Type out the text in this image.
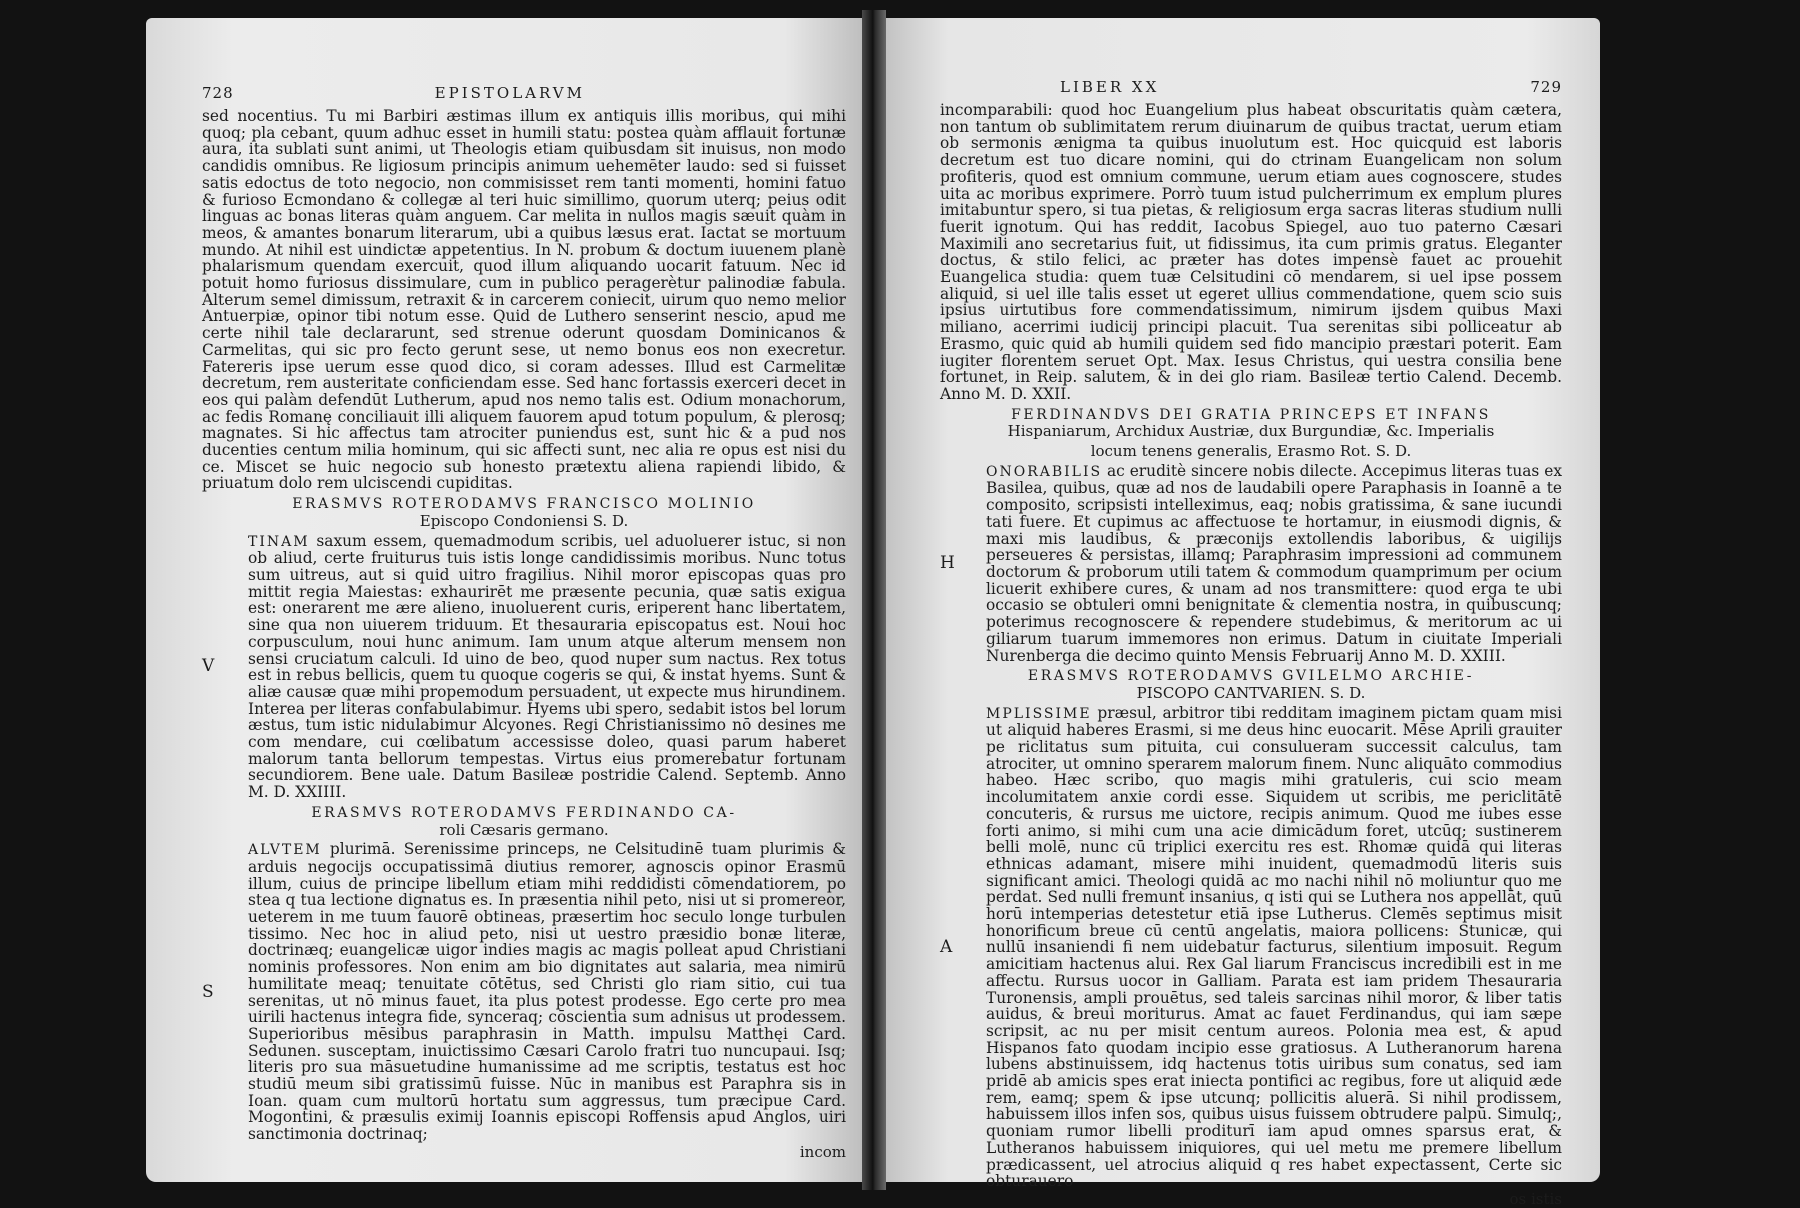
728	EPISTOLARVM

sed nocentius. Tu mi Barbiri æstimas illum ex antiquis illis moribus, qui mihi quoq; pla cebant, quum adhuc esset in humili statu: postea quàm afflauit fortunæ aura, ita sublati sunt animi, ut Theologis etiam quibusdam sit inuisus, non modo candidis omnibus. Re ligiosum principis animum uehemēter laudo: sed si fuisset satis edoctus de toto negocio, non commisisset rem tanti momenti, homini fatuo & furioso Ecmondano & collegæ al teri huic simillimo, quorum uterq; peius odit linguas ac bonas literas quàm anguem. Car melita in nullos magis sæuit quàm in meos, & amantes bonarum literarum, ubi a quibus læsus erat. Iactat se mortuum mundo. At nihil est uindictæ appetentius. In N. probum & doctum iuuenem planè phalarismum quendam exercuit, quod illum aliquando uocarit fatuum. Nec id potuit homo furiosus dissimulare, cum in publico peragerètur palinodiæ fabula. Alterum semel dimissum, retraxit & in carcerem coniecit, uirum quo nemo melior Antuerpiæ, opinor tibi notum esse. Quid de Luthero senserint nescio, apud me certe nihil tale declararunt, sed strenue oderunt quosdam Dominicanos & Carmelitas, qui sic pro fecto gerunt sese, ut nemo bonus eos non execretur. Fatereris ipse uerum esse quod dico, si coram adesses. Illud est Carmelitæ decretum, rem austeritate conficiendam esse. Sed hanc fortassis exerceri decet in eos qui palàm defendūt Lutherum, apud nos nemo talis est. Odium monachorum, ac fedis Romanę conciliauit illi aliquem fauorem apud totum populum, & plerosq; magnates. Si hic affectus tam atrociter puniendus est, sunt hic & a pud nos ducenties centum milia hominum, qui sic affecti sunt, nec alia re opus est nisi du ce. Miscet se huic negocio sub honesto prætextu aliena rapiendi libido, & priuatum dolo rem ulciscendi cupiditas.

ERASMVS ROTERODAMVS FRANCISCO MOLINIO
Episcopo Condoniensi S. D.
V
TINAM saxum essem, quemadmodum scribis, uel aduoluerer istuc, si non ob aliud, certe fruiturus tuis istis longe candidissimis moribus. Nunc totus sum uitreus, aut si quid uitro fragilius. Nihil moror episcopas quas pro mittit regia Maiestas: exhaurirēt me præsente pecunia, quæ satis exigua est: onerarent me ære alieno, inuoluerent curis, eriperent hanc libertatem, sine qua non uiuerem triduum. Et thesauraria episcopatus est. Noui hoc corpusculum, noui hunc animum. Iam unum atque alterum mensem non sensi cruciatum calculi. Id uino de beo, quod nuper sum nactus. Rex totus est in rebus bellicis, quem tu quoque cogeris se qui, & instat hyems. Sunt & aliæ causæ quæ mihi propemodum persuadent, ut expecte mus hirundinem. Interea per literas confabulabimur. Hyems ubi spero, sedabit istos bel lorum æstus, tum istic nidulabimur Alcyones. Regi Christianissimo nō desines me com mendare, cui cœlibatum accessisse doleo, quasi parum haberet malorum tanta bellorum tempestas. Virtus eius promerebatur fortunam secundiorem. Bene uale. Datum Basileæ postridie Calend. Septemb. Anno M. D. XXIIII.
ERASMVS ROTERODAMVS FERDINANDO CA-
roli Cæsaris germano.
S
ALVTEM plurimā. Serenissime princeps, ne Celsitudinē tuam plurimis & arduis negocijs occupatissimā diutius remorer, agnoscis opinor Erasmū illum, cuius de principe libellum etiam mihi reddidisti cōmendatiorem, po stea q tua lectione dignatus es. In præsentia nihil peto, nisi ut si promereor, ueterem in me tuum fauorē obtineas, præsertim hoc seculo longe turbulen tissimo. Nec hoc in aliud peto, nisi ut uestro præsidio bonæ literæ, doctrinæq; euangelicæ uigor indies magis ac magis polleat apud Christiani nominis professores. Non enim am bio dignitates aut salaria, mea nimirū humilitate meaq; tenuitate cōtētus, sed Christi glo riam sitio, cui tua serenitas, ut nō minus fauet, ita plus potest prodesse. Ego certe pro mea uirili hactenus integra fide, synceraq; cōscientia sum adnisus ut prodessem. Superioribus mēsibus paraphrasin in Matth. impulsu Matthęi Card. Sedunen. susceptam, inuictissimo Cæsari Carolo fratri tuo nuncupaui. Isq; literis pro sua māsuetudine humanissime ad me scriptis, testatus est hoc studiū meum sibi gratissimū fuisse. Nūc in manibus est Paraphra sis in Ioan. quam cum multorū hortatu sum aggressus, tum præcipue Card. Mogontini, & præsulis eximij Ioannis episcopi Roffensis apud Anglos, uiri sanctimonia doctrinaq;
incom
LIBER XX	729

incomparabili: quod hoc Euangelium plus habeat obscuritatis quàm cætera, non tantum ob sublimitatem rerum diuinarum de quibus tractat, uerum etiam ob sermonis ænigma ta quibus inuolutum est. Hoc quicquid est laboris decretum est tuo dicare nomini, qui do ctrinam Euangelicam non solum profiteris, quod est omnium commune, uerum etiam aues cognoscere, studes uita ac moribus exprimere. Porrò tuum istud pulcherrimum ex emplum plures imitabuntur spero, si tua pietas, & religiosum erga sacras literas studium nulli fuerit ignotum. Qui has reddit, Iacobus Spiegel, auo tuo paterno Cæsari Maximili ano secretarius fuit, ut fidissimus, ita cum primis gratus. Eleganter doctus, & stilo felici, ac præter has dotes impensè fauet ac prouehit Euangelica studia: quem tuæ Celsitudini cō mendarem, si uel ipse possem aliquid, si uel ille talis esset ut egeret ullius commendatione, quem scio suis ipsius uirtutibus fore commendatissimum, nimirum ijsdem quibus Maxi miliano, acerrimi iudicij principi placuit. Tua serenitas sibi polliceatur ab Erasmo, quic quid ab humili quidem sed fido mancipio præstari poterit. Eam iugiter florentem seruet Opt. Max. Iesus Christus, qui uestra consilia bene fortunet, in Reip. salutem, & in dei glo riam. Basileæ tertio Calend. Decemb. Anno M. D. XXII.

FERDINANDVS DEI GRATIA PRINCEPS ET INFANS
Hispaniarum, Archidux Austriæ, dux Burgundiæ, &c. Imperialis
locum tenens generalis, Erasmo Rot. S. D.
H
ONORABILIS ac eruditè sincere nobis dilecte. Accepimus literas tuas ex Basilea, quibus, quæ ad nos de laudabili opere Paraphasis in Ioannē a te composito, scripsisti intelleximus, eaq; nobis gratissima, & sane iucundi tati fuere. Et cupimus ac affectuose te hortamur, in eiusmodi dignis, & maxi mis laudibus, & præconijs extollendis laboribus, & uigilijs perseueres & persistas, illamq; Paraphrasim impressioni ad communem doctorum & proborum utili tatem & commodum quamprimum per ocium licuerit exhibere cures, & unam ad nos transmittere: quod erga te ubi occasio se obtuleri omni benignitate & clementia nostra, in quibuscunq; poterimus recognoscere & rependere studebimus, & meritorum ac ui giliarum tuarum immemores non erimus. Datum in ciuitate Imperiali Nurenberga die decimo quinto Mensis Februarij Anno M. D. XXIII.
ERASMVS ROTERODAMVS GVILELMO ARCHIE-
PISCOPO CANTVARIEN. S. D.
A
MPLISSIME præsul, arbitror tibi redditam imaginem pictam quam misi ut aliquid haberes Erasmi, si me deus hinc euocarit. Mēse Aprili grauiter pe riclitatus sum pituita, cui consulueram successit calculus, tam atrociter, ut omnino sperarem malorum finem. Nunc aliquāto commodius habeo. Hæc scribo, quo magis mihi gratuleris, cui scio meam incolumitatem anxie cordi esse. Siquidem ut scribis, me periclitātē concuteris, & rursus me uictore, recipis animum. Quod me iubes esse forti animo, si mihi cum una acie dimicādum foret, utcūq; sustinerem belli molē, nunc cū triplici exercitu res est. Rhomæ quidā qui literas ethnicas adamant, misere mihi inuident, quemadmodū literis suis significant amici. Theologi quidā ac mo nachi nihil nō moliuntur quo me perdat. Sed nulli fremunt insanius, q isti qui se Luthera nos appellāt, quū horū intemperias detestetur etiā ipse Lutherus. Clemēs septimus misit honorificum breue cū centū angelatis, maiora pollicens: Stunicæ, qui nullū insaniendi fi nem uidebatur facturus, silentium imposuit. Regum amicitiam hactenus alui. Rex Gal liarum Franciscus incredibili est in me affectu. Rursus uocor in Galliam. Parata est iam pridem Thesauraria Turonensis, ampli prouētus, sed taleis sarcinas nihil moror, & liber tatis auidus, & breui moriturus. Amat ac fauet Ferdinandus, qui iam sæpe scripsit, ac nu per misit centum aureos. Polonia mea est, & apud Hispanos fato quodam incipio esse gratiosus. A Lutheranorum harena lubens abstinuissem, idq hactenus totis uiribus sum conatus, sed iam pridē ab amicis spes erat iniecta pontifici ac regibus, fore ut aliquid æde rem, eamq; spem & ipse utcunq; pollicitis aluerā. Si nihil prodissem, habuissem illos infen sos, quibus uisus fuissem obtrudere palpū. Simulq;, quoniam rumor libelli proditurī iam apud omnes sparsus erat, & Lutheranos habuissem iniquiores, qui uel metu me premere libellum prædicassent, uel atrocius aliquid q res habet expectassent, Certe sic obturauero
os istis
